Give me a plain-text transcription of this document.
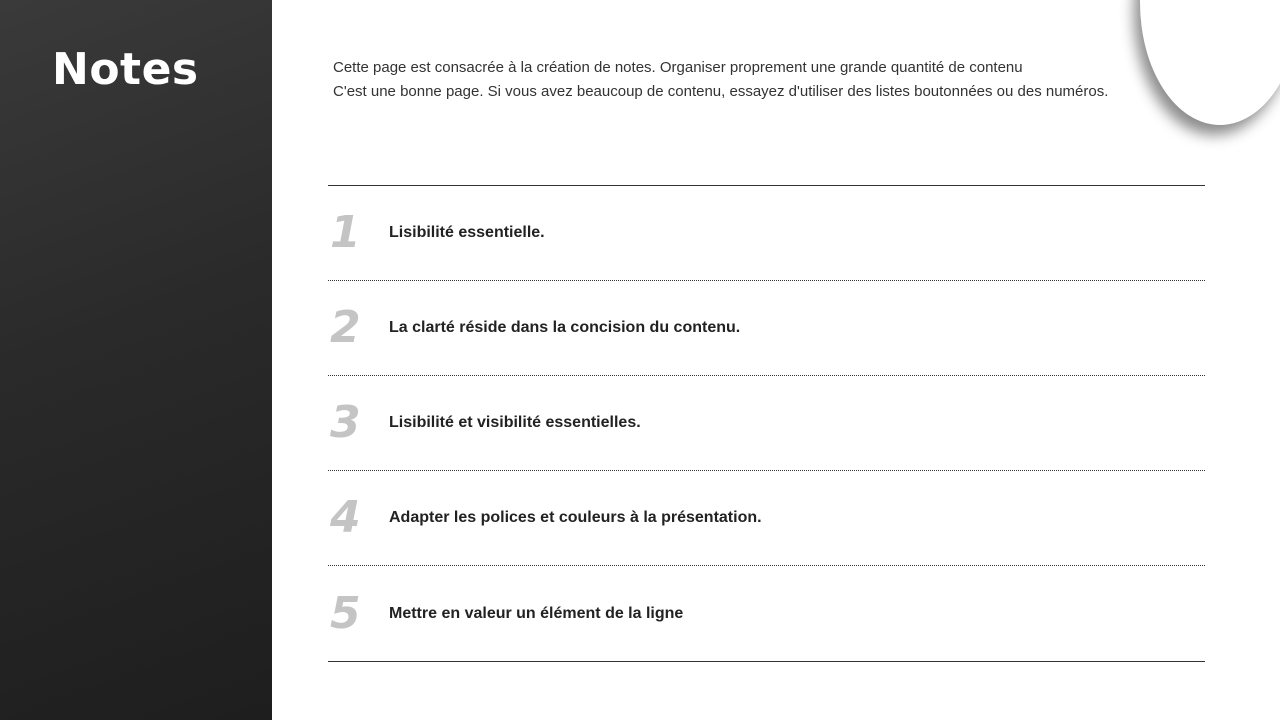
Notes	Cette page est consacrée à la création de notes. Organiser proprement une grande quantité de contenu

C'est une bonne page. Si vous avez beaucoup de contenu, essayez d'utiliser des listes boutonnées ou des numéros.

1	Lisibilité essentielle.
2	La clarté réside dans la concision du contenu.
3	Lisibilité et visibilité essentielles.
4	Adapter les polices et couleurs à la présentation.
5	Mettre en valeur un élément de la ligne
